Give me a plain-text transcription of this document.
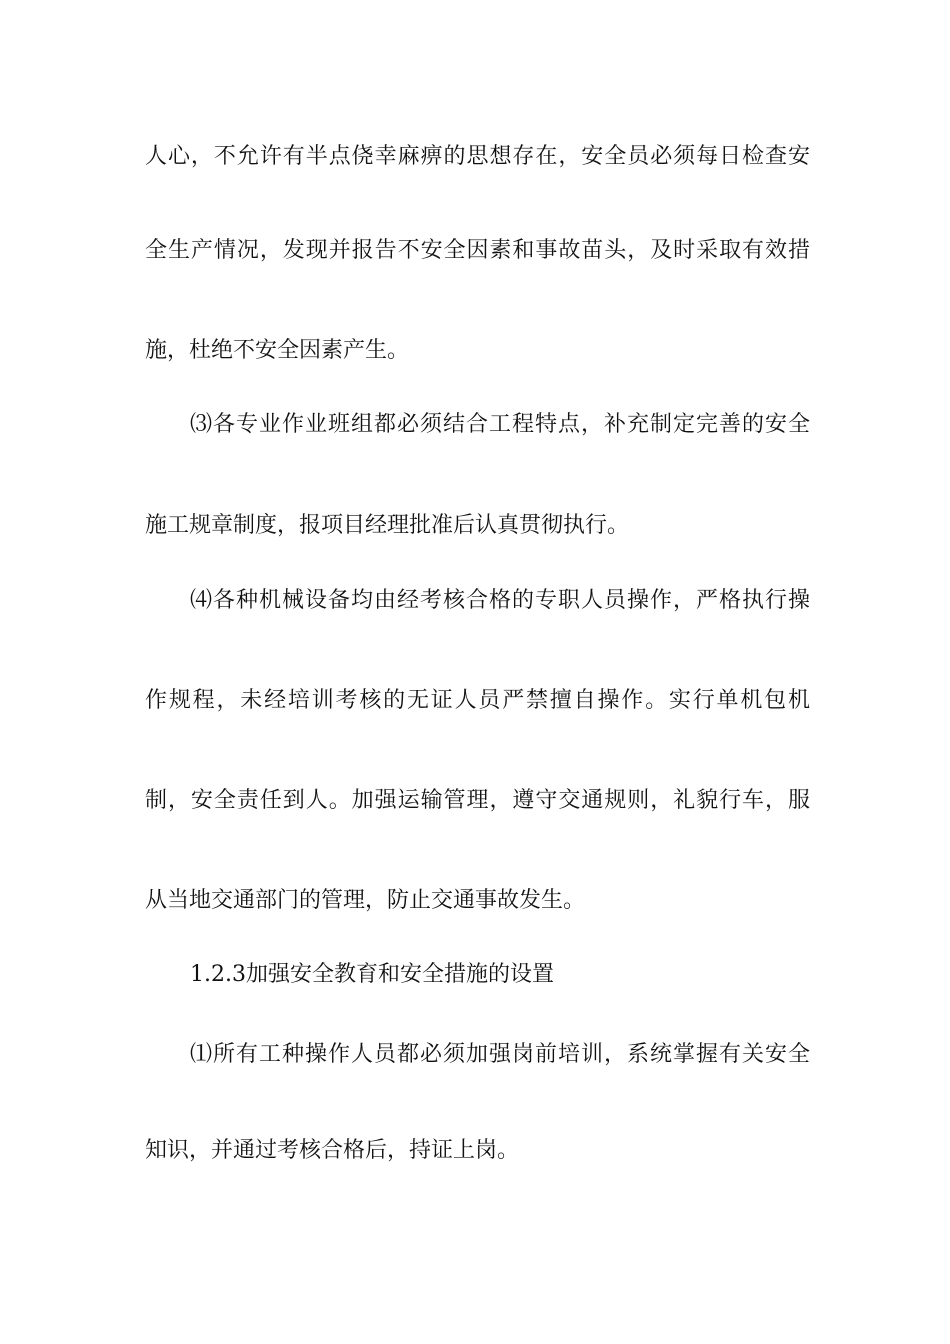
人心，不允许有半点侥幸麻痹的思想存在，安全员必须每日检查安
全生产情况，发现并报告不安全因素和事故苗头，及时采取有效措
施，杜绝不安全因素产生。
⑶各专业作业班组都必须结合工程特点，补充制定完善的安全
施工规章制度，报项目经理批准后认真贯彻执行。
⑷各种机械设备均由经考核合格的专职人员操作，严格执行操
作规程，未经培训考核的无证人员严禁擅自操作。实行单机包机
制，安全责任到人。加强运输管理，遵守交通规则，礼貌行车，服
从当地交通部门的管理，防止交通事故发生。
1.2.3加强安全教育和安全措施的设置
⑴所有工种操作人员都必须加强岗前培训，系统掌握有关安全
知识，并通过考核合格后，持证上岗。
